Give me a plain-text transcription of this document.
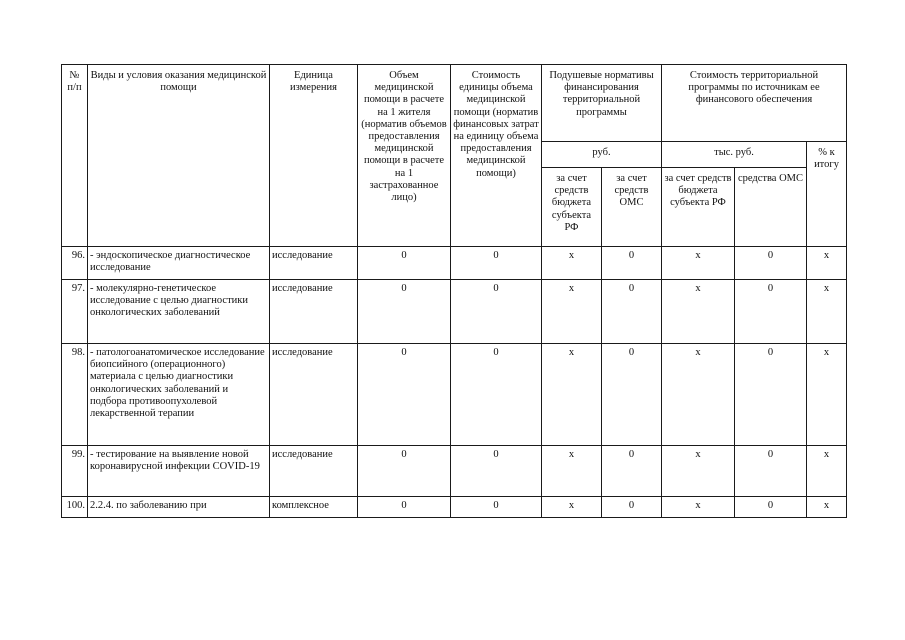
№ п/п	Виды и условия оказания медицинской помощи	Единица измерения	Объем медицинской помощи в расчете на 1 жителя (норматив объемов предоставления медицинской помощи в расчете на 1 застрахованное лицо)	Стоимость единицы объема медицинской помощи (норматив финансовых затрат на единицу объема предоставления медицинской помощи)	Подушевые нормативы финансирования территориальной программы		Стоимость территориальной программы по источникам ее финансового обеспечения		
					руб.		тыс. руб.		% к итогу
					за счет средств бюджета субъекта РФ	за счет средств ОМС	за счет средств бюджета субъекта РФ	средства ОМС	
96.	- эндоскопическое диагностическое исследование	исследование	0	0	х	0	х	0	х
97.	- молекулярно-генетическое исследование с целью диагностики онкологических заболеваний	исследование	0	0	х	0	х	0	х
98.	- патологоанатомическое исследование биопсийного (операционного) материала с целью диагностики онкологических заболеваний и подбора противоопухолевой лекарственной терапии	исследование	0	0	х	0	х	0	х
99.	- тестирование на выявление новой коронавирусной инфекции COVID-19	исследование	0	0	х	0	х	0	х
100.	2.2.4. по заболеванию при	комплексное	0	0	х	0	х	0	х
